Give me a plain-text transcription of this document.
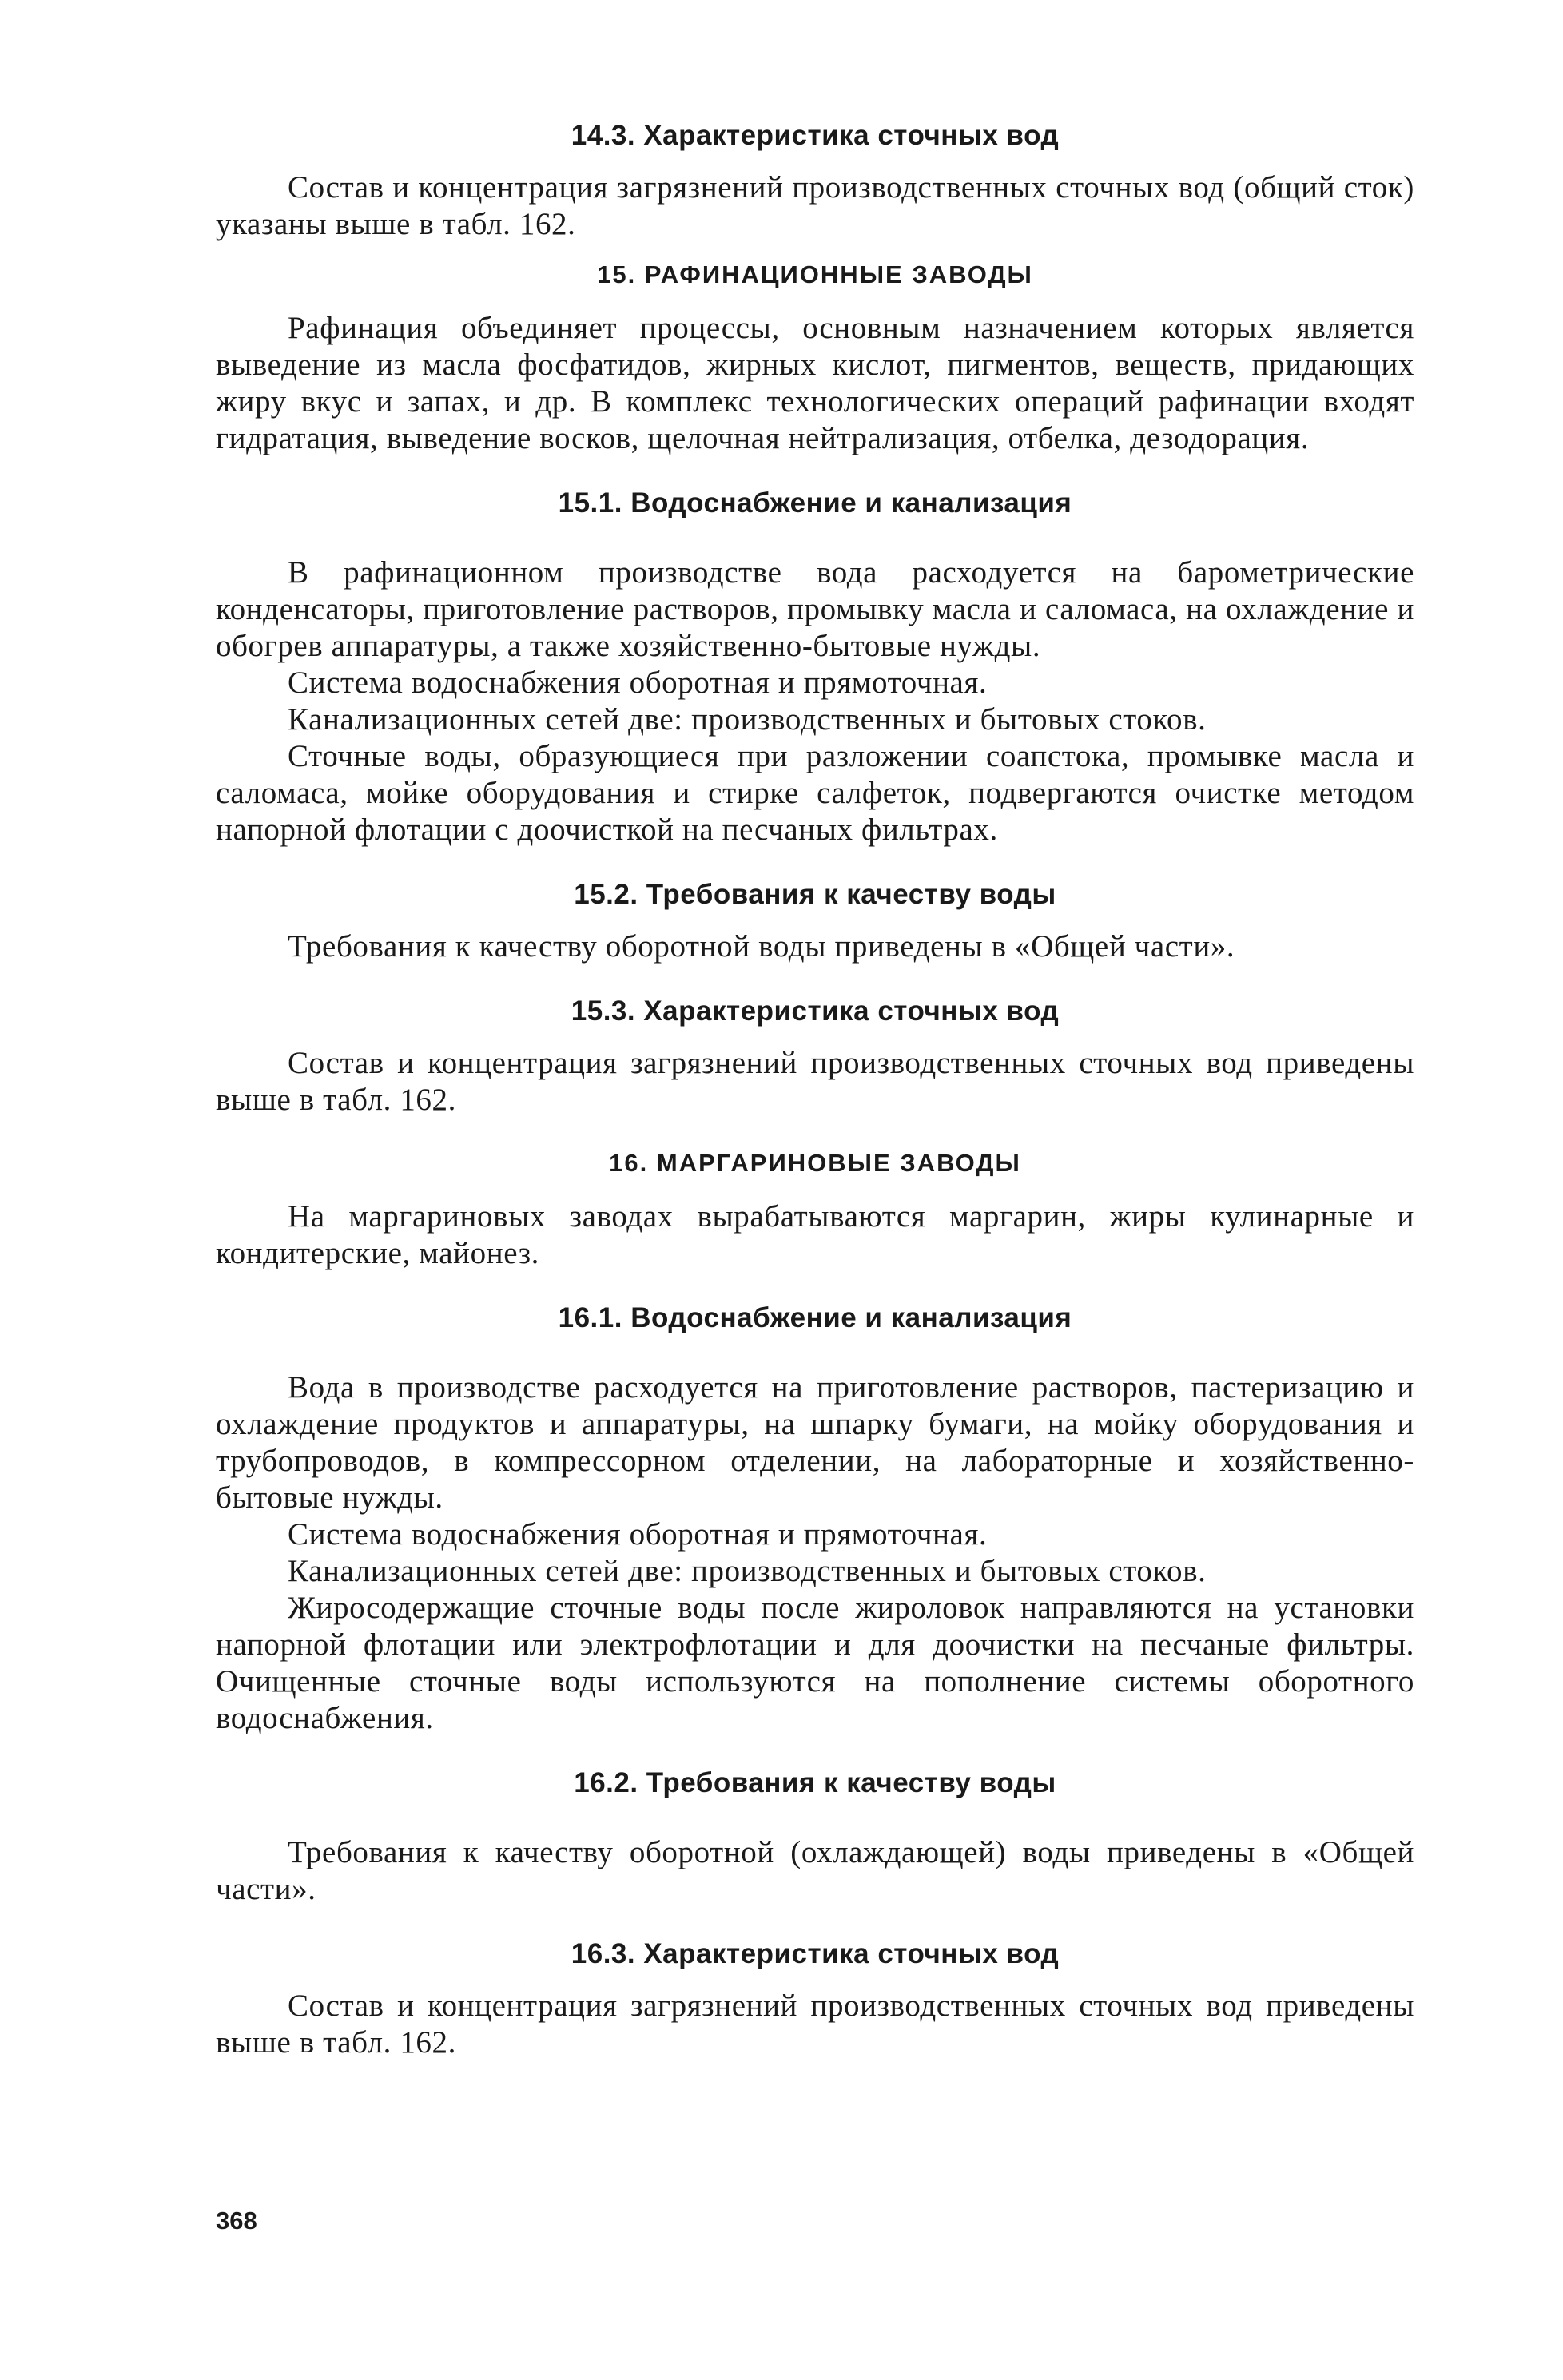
14.3. Характеристика сточных вод

Состав и концентрация загрязнений производственных сточных вод (общий сток) указаны выше в табл. 162.

15. РАФИНАЦИОННЫЕ ЗАВОДЫ

Рафинация объединяет процессы, основным назначением которых является выведение из масла фосфатидов, жирных кислот, пигментов, веществ, придающих жиру вкус и запах, и др. В комплекс технологических операций рафинации входят гидратация, выведение восков, щелочная нейтрализация, отбелка, дезодорация.

15.1. Водоснабжение и канализация

В рафинационном производстве вода расходуется на барометрические конденсаторы, приготовление растворов, промывку масла и саломаса, на охлаждение и обогрев аппаратуры, а также хозяйственно-бытовые нужды.

Система водоснабжения оборотная и прямоточная.

Канализационных сетей две: производственных и бытовых стоков.

Сточные воды, образующиеся при разложении соапстока, промывке масла и саломаса, мойке оборудования и стирке салфеток, подвергаются очистке методом напорной флотации с доочисткой на песчаных фильтрах.

15.2. Требования к качеству воды

Требования к качеству оборотной воды приведены в «Общей части».

15.3. Характеристика сточных вод

Состав и концентрация загрязнений производственных сточных вод приведены выше в табл. 162.

16. МАРГАРИНОВЫЕ ЗАВОДЫ

На маргариновых заводах вырабатываются маргарин, жиры кулинарные и кондитерские, майонез.

16.1. Водоснабжение и канализация

Вода в производстве расходуется на приготовление растворов, пастеризацию и охлаждение продуктов и аппаратуры, на шпарку бумаги, на мойку оборудования и трубопроводов, в компрессорном отделении, на лабораторные и хозяйственно-бытовые нужды.

Система водоснабжения оборотная и прямоточная.

Канализационных сетей две: производственных и бытовых стоков.

Жиросодержащие сточные воды после жироловок направляются на установки напорной флотации или электрофлотации и для доочистки на песчаные фильтры. Очищенные сточные воды используются на пополнение системы оборотного водоснабжения.

16.2. Требования к качеству воды

Требования к качеству оборотной (охлаждающей) воды приведены в «Общей части».

16.3. Характеристика сточных вод

Состав и концентрация загрязнений производственных сточных вод приведены выше в табл. 162.

368
